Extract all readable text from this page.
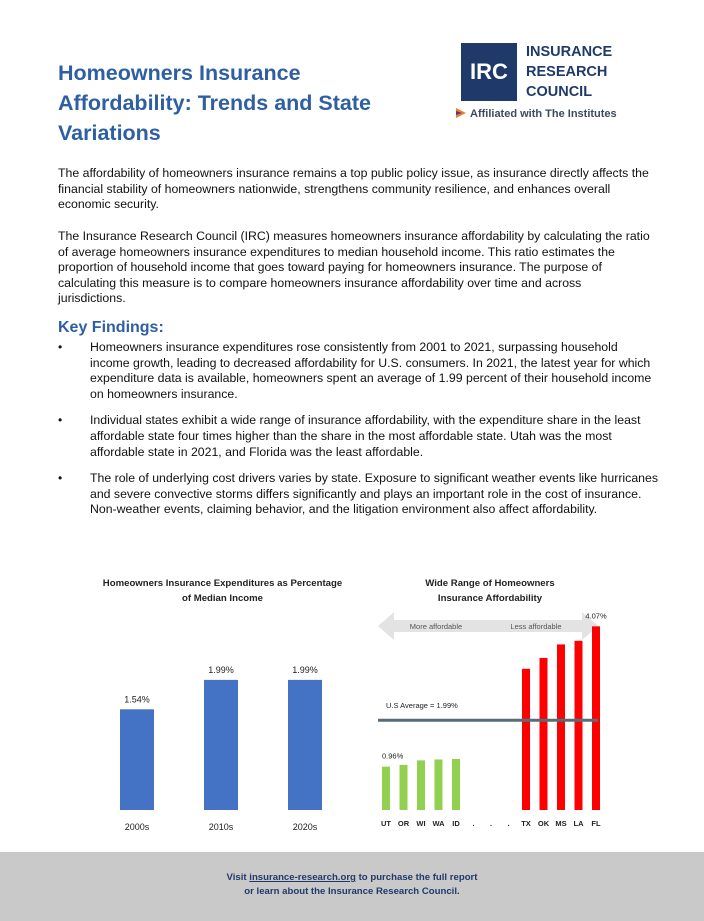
Homeowners Insurance Affordability: Trends and State Variations
IRC
INSURANCE
RESEARCH
COUNCIL
Affiliated with The Institutes

The affordability of homeowners insurance remains a top public policy issue, as insurance directly affects the financial stability of homeowners nationwide, strengthens community resilience, and enhances overall economic security.

The Insurance Research Council (IRC) measures homeowners insurance affordability by calculating the ratio of average homeowners insurance expenditures to median household income. This ratio estimates the proportion of household income that goes toward paying for homeowners insurance. The purpose of calculating this measure is to compare homeowners insurance affordability over time and across jurisdictions.

Key Findings:
• Homeowners insurance expenditures rose consistently from 2001 to 2021, surpassing household income growth, leading to decreased affordability for U.S. consumers. In 2021, the latest year for which expenditure data is available, homeowners spent an average of 1.99 percent of their household income on homeowners insurance.
• Individual states exhibit a wide range of insurance affordability, with the expenditure share in the least affordable state four times higher than the share in the most affordable state. Utah was the most affordable state in 2021, and Florida was the least affordable.
• The role of underlying cost drivers varies by state. Exposure to significant weather events like hurricanes and severe convective storms differs significantly and plays an important role in the cost of insurance. Non-weather events, claiming behavior, and the litigation environment also affect affordability.
Homeowners Insurance Expenditures as Percentage of Median Income
1.54%
2000s
1.99%
2010s
1.99%
2020s
Wide Range of Homeowners Insurance Affordability
More affordable	Less affordable
UT OR WI WA ID . . . TX OK MS LA FL
0.96%
4.07%
U.S Average = 1.99%
Visit insurance-research.org to purchase the full report
or learn about the Insurance Research Council.
